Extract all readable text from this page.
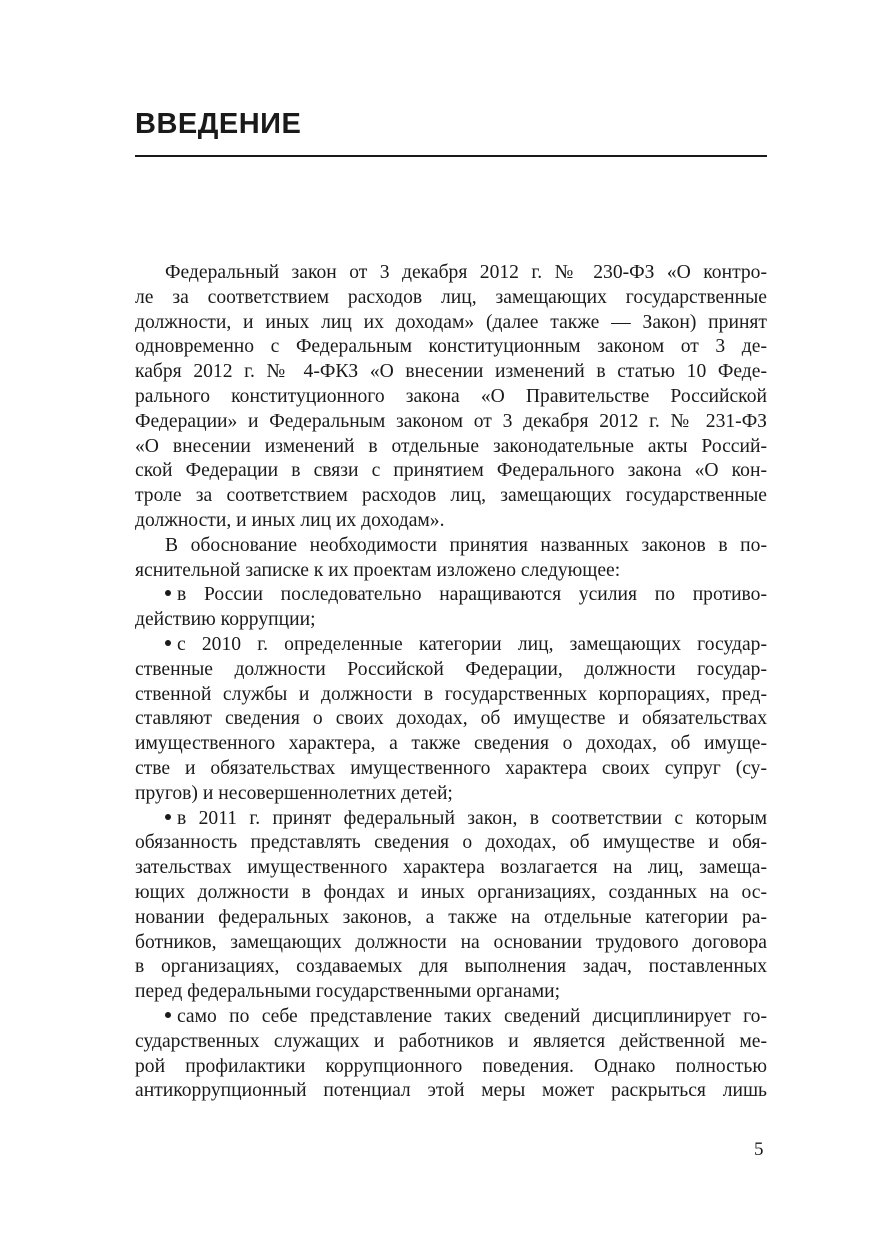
ВВЕДЕНИЕ
Федеральный закон от 3 декабря 2012 г. № 230-ФЗ «О контро-
ле за соответствием расходов лиц, замещающих государственные
должности, и иных лиц их доходам» (далее также — Закон) принят
одновременно с Федеральным конституционным законом от 3 де-
кабря 2012 г. № 4-ФКЗ «О внесении изменений в статью 10 Феде-
рального конституционного закона «О Правительстве Российской
Федерации» и Федеральным законом от 3 декабря 2012 г. № 231-ФЗ
«О внесении изменений в отдельные законодательные акты Россий-
ской Федерации в связи с принятием Федерального закона «О кон-
троле за соответствием расходов лиц, замещающих государственные
должности, и иных лиц их доходам».
В обоснование необходимости принятия названных законов в по-
яснительной записке к их проектам изложено следующее:
в России последовательно наращиваются усилия по противо-
действию коррупции;
с 2010 г. определенные категории лиц, замещающих государ-
ственные должности Российской Федерации, должности государ-
ственной службы и должности в государственных корпорациях, пред-
ставляют сведения о своих доходах, об имуществе и обязательствах
имущественного характера, а также сведения о доходах, об имуще-
стве и обязательствах имущественного характера своих супруг (су-
пругов) и несовершеннолетних детей;
в 2011 г. принят федеральный закон, в соответствии с которым
обязанность представлять сведения о доходах, об имуществе и обя-
зательствах имущественного характера возлагается на лиц, замеща-
ющих должности в фондах и иных организациях, созданных на ос-
новании федеральных законов, а также на отдельные категории ра-
ботников, замещающих должности на основании трудового договора
в организациях, создаваемых для выполнения задач, поставленных
перед федеральными государственными органами;
само по себе представление таких сведений дисциплинирует го-
сударственных служащих и работников и является действенной ме-
рой профилактики коррупционного поведения. Однако полностью
антикоррупционный потенциал этой меры может раскрыться лишь
5
